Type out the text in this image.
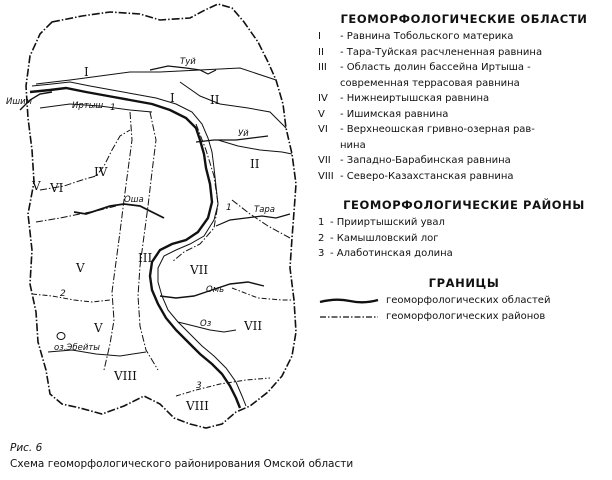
I
I	II
II
IV
VI
V
III
VII
VII
V
VIII
VIII
V
Туй
Ишим	Иртыш
Уй
Оша
Тара
Омь
Оз
1
2
3
1
оз.Эбейты
ГЕОМОРФОЛОГИЧЕСКИЕ ОБЛАСТИ
I	- Равнина Тобольского материка
II	- Тара-Туйская расчлененная равнина
III	- Область долин бассейна Иртыша -
современная террасовая равнина
IV	- Нижнеиртышская равнина
V	- Ишимская равнина
VI	- Верхнеошская гривно-озерная рав-
нина
VII - Западно-Барабинская равнина
VIII - Северо-Казахстанская равнина
ГЕОМОРФОЛОГИЧЕСКИЕ РАЙОНЫ
1 - Прииртышский увал
2 - Камышловский лог
3 - Алаботинская долина
ГРАНИЦЫ
геоморфологических областей
геоморфологических районов
Рис. 6
Схема геоморфологического районирования Омской области
